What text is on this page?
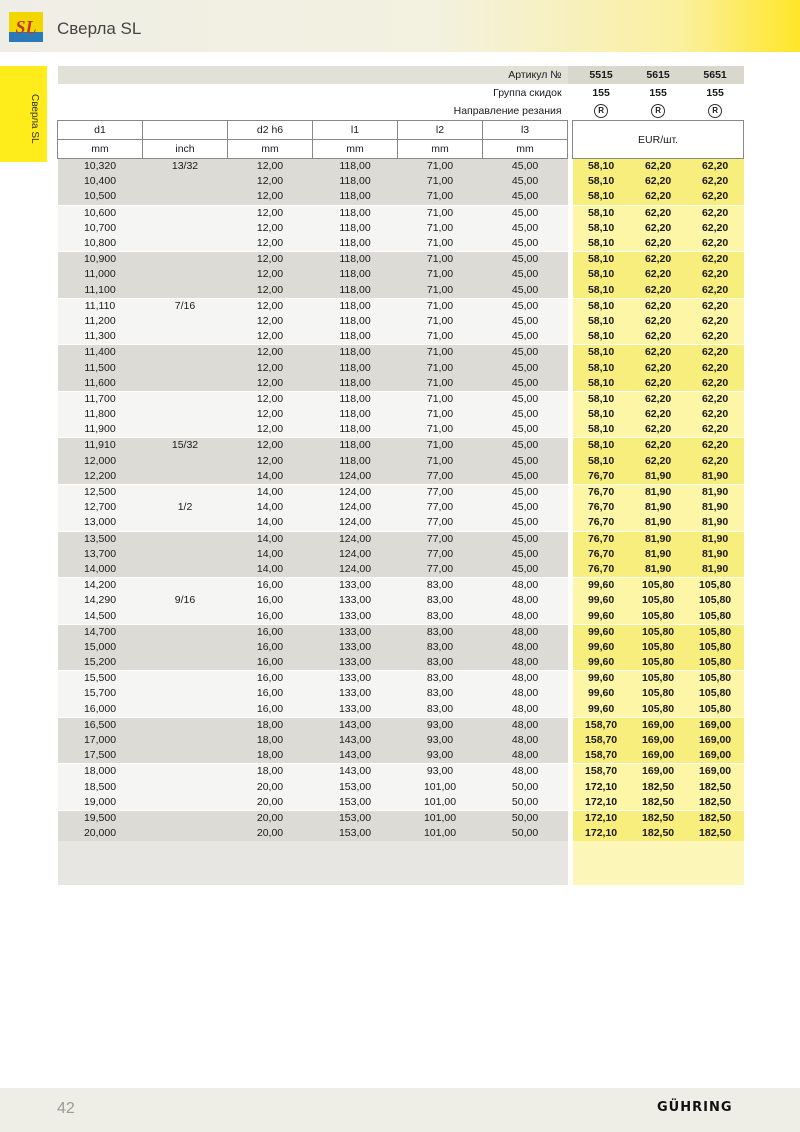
SL Сверла SL
Сверла SL
Артикул №							5515	5615	5651
Группа скидок							155	155	155
Направление резания							R	R	R
d1		d2 h6	l1	l2	l3		EUR/шт.		
mm	inch	mm	mm	mm	mm				
10,320	13/32	12,00	118,00	71,00	45,00		58,10	62,20	62,20
10,400		12,00	118,00	71,00	45,00		58,10	62,20	62,20
10,500		12,00	118,00	71,00	45,00		58,10	62,20	62,20
10,600		12,00	118,00	71,00	45,00		58,10	62,20	62,20
10,700		12,00	118,00	71,00	45,00		58,10	62,20	62,20
10,800		12,00	118,00	71,00	45,00		58,10	62,20	62,20
10,900		12,00	118,00	71,00	45,00		58,10	62,20	62,20
11,000		12,00	118,00	71,00	45,00		58,10	62,20	62,20
11,100		12,00	118,00	71,00	45,00		58,10	62,20	62,20
11,110	7/16	12,00	118,00	71,00	45,00		58,10	62,20	62,20
11,200		12,00	118,00	71,00	45,00		58,10	62,20	62,20
11,300		12,00	118,00	71,00	45,00		58,10	62,20	62,20
11,400		12,00	118,00	71,00	45,00		58,10	62,20	62,20
11,500		12,00	118,00	71,00	45,00		58,10	62,20	62,20
11,600		12,00	118,00	71,00	45,00		58,10	62,20	62,20
11,700		12,00	118,00	71,00	45,00		58,10	62,20	62,20
11,800		12,00	118,00	71,00	45,00		58,10	62,20	62,20
11,900		12,00	118,00	71,00	45,00		58,10	62,20	62,20
11,910	15/32	12,00	118,00	71,00	45,00		58,10	62,20	62,20
12,000		12,00	118,00	71,00	45,00		58,10	62,20	62,20
12,200		14,00	124,00	77,00	45,00		76,70	81,90	81,90
12,500		14,00	124,00	77,00	45,00		76,70	81,90	81,90
12,700	1/2	14,00	124,00	77,00	45,00		76,70	81,90	81,90
13,000		14,00	124,00	77,00	45,00		76,70	81,90	81,90
13,500		14,00	124,00	77,00	45,00		76,70	81,90	81,90
13,700		14,00	124,00	77,00	45,00		76,70	81,90	81,90
14,000		14,00	124,00	77,00	45,00		76,70	81,90	81,90
14,200		16,00	133,00	83,00	48,00		99,60	105,80	105,80
14,290	9/16	16,00	133,00	83,00	48,00		99,60	105,80	105,80
14,500		16,00	133,00	83,00	48,00		99,60	105,80	105,80
14,700		16,00	133,00	83,00	48,00		99,60	105,80	105,80
15,000		16,00	133,00	83,00	48,00		99,60	105,80	105,80
15,200		16,00	133,00	83,00	48,00		99,60	105,80	105,80
15,500		16,00	133,00	83,00	48,00		99,60	105,80	105,80
15,700		16,00	133,00	83,00	48,00		99,60	105,80	105,80
16,000		16,00	133,00	83,00	48,00		99,60	105,80	105,80
16,500		18,00	143,00	93,00	48,00		158,70	169,00	169,00
17,000		18,00	143,00	93,00	48,00		158,70	169,00	169,00
17,500		18,00	143,00	93,00	48,00		158,70	169,00	169,00
18,000		18,00	143,00	93,00	48,00		158,70	169,00	169,00
18,500		20,00	153,00	101,00	50,00		172,10	182,50	182,50
19,000		20,00	153,00	101,00	50,00		172,10	182,50	182,50
19,500		20,00	153,00	101,00	50,00		172,10	182,50	182,50
20,000		20,00	153,00	101,00	50,00		172,10	182,50	182,50

42	GÜHRING
